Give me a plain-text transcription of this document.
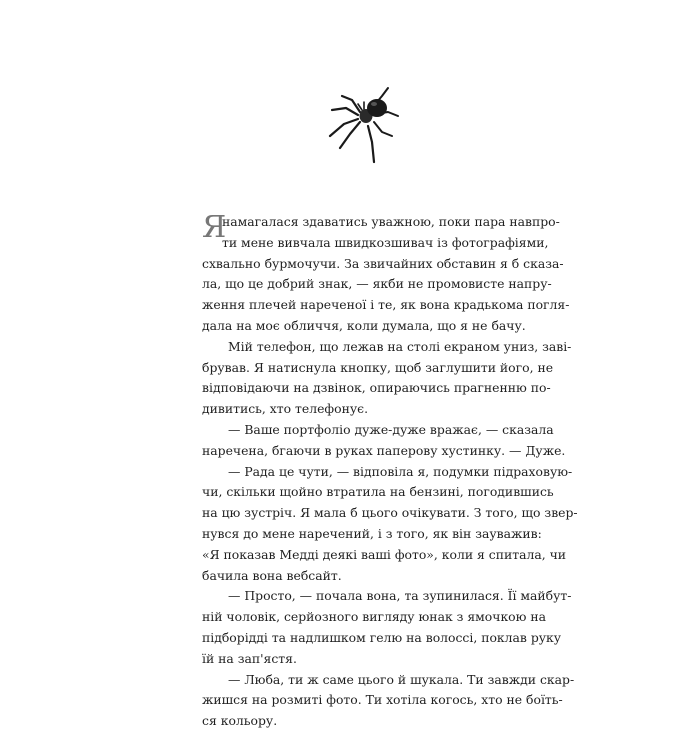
Я
намагалася здаватись уважною, поки пара навпро-
ти мене вивчала швидкозшивач із фотографіями,
схвально бурмочучи. За звичайних обставин я б сказа-
ла, що це добрий знак, — якби не промовисте напру-
ження плечей нареченої і те, як вона крадькома погля-
дала на моє обличчя, коли думала, що я не бачу.
Мій телефон, що лежав на столі екраном униз, заві-
брував. Я натиснула кнопку, щоб заглушити його, не
відповідаючи на дзвінок, опираючись прагненню по-
дивитись, хто телефонує.
— Ваше портфоліо дуже-дуже вражає, — сказала
наречена, бгаючи в руках паперову хустинку. — Дуже.
— Рада це чути, — відповіла я, подумки підраховую-
чи, скільки щойно втратила на бензині, погодившись
на цю зустріч. Я мала б цього очікувати. З того, що звер-
нувся до мене наречений, і з того, як він зауважив:
«Я показав Медді деякі ваші фото», коли я спитала, чи
бачила вона вебсайт.
— Просто, — почала вона, та зупинилася. Її майбут-
ній чоловік, серйозного вигляду юнак з ямочкою на
підборідді та надлишком гелю на волоссі, поклав руку
їй на зап'ястя.
— Люба, ти ж саме цього й шукала. Ти завжди скар-
жишся на розмиті фото. Ти хотіла когось, хто не боїть-
ся кольору.
